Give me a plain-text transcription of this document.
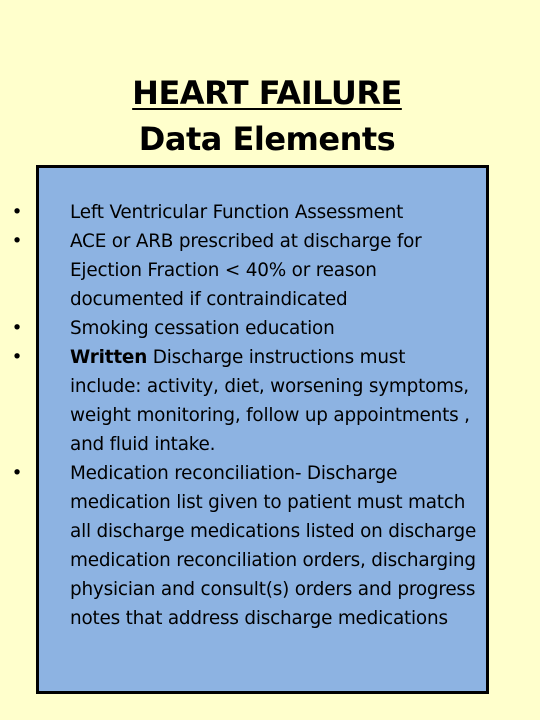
HEART FAILURE
Data Elements
•	Left Ventricular Function Assessment
•	ACE or ARB prescribed at discharge for Ejection Fraction < 40% or reason documented if contraindicated
•	Smoking cessation education
•	Written Discharge instructions must include: activity, diet, worsening symptoms, weight monitoring, follow up appointments , and fluid intake.
•	Medication reconciliation- Discharge medication list given to patient must match all discharge medications listed on discharge medication reconciliation orders, discharging physician and consult(s) orders and progress notes that address discharge medications
